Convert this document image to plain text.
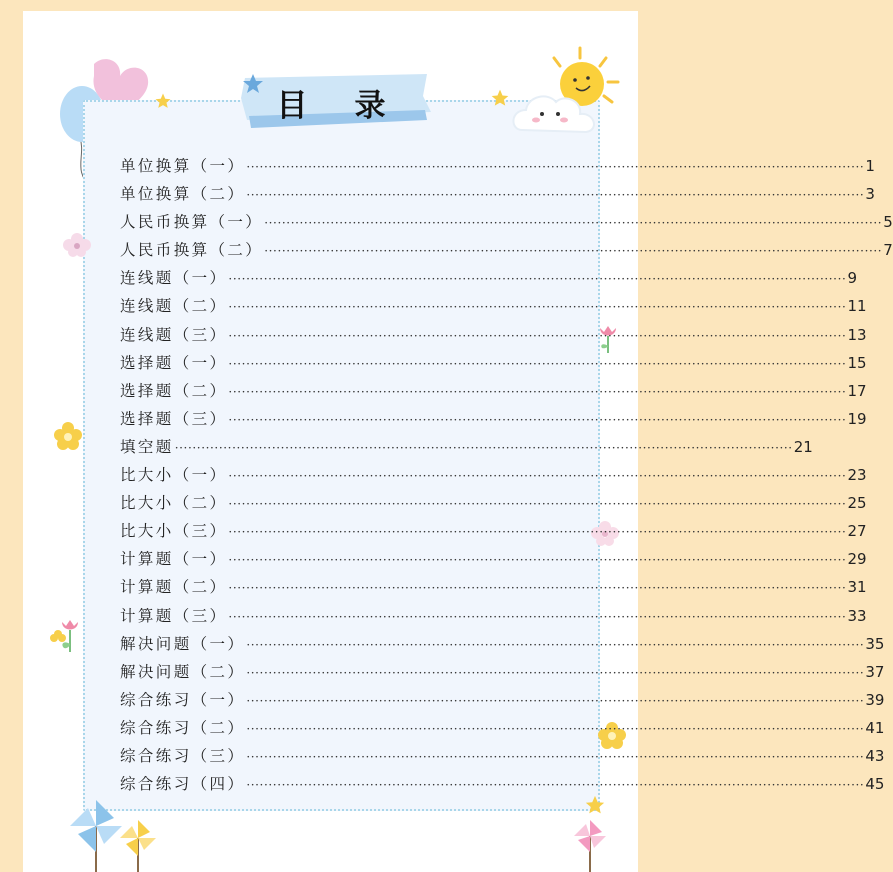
目　录
单位换算（一） ············································································································································ 1
单位换算（二） ············································································································································ 3
人民币换算（一） ············································································································································ 5
人民币换算（二） ············································································································································ 7
连线题（一） ············································································································································ 9
连线题（二） ············································································································································ 11
连线题（三） ············································································································································ 13
选择题（一） ············································································································································ 15
选择题（二） ············································································································································ 17
选择题（三） ············································································································································ 19
填空题 ············································································································································ 21
比大小（一） ············································································································································ 23
比大小（二） ············································································································································ 25
比大小（三） ············································································································································ 27
计算题（一） ············································································································································ 29
计算题（二） ············································································································································ 31
计算题（三） ············································································································································ 33
解决问题（一） ············································································································································ 35
解决问题（二） ············································································································································ 37
综合练习（一） ············································································································································ 39
综合练习（二） ············································································································································ 41
综合练习（三） ············································································································································ 43
综合练习（四） ············································································································································ 45
